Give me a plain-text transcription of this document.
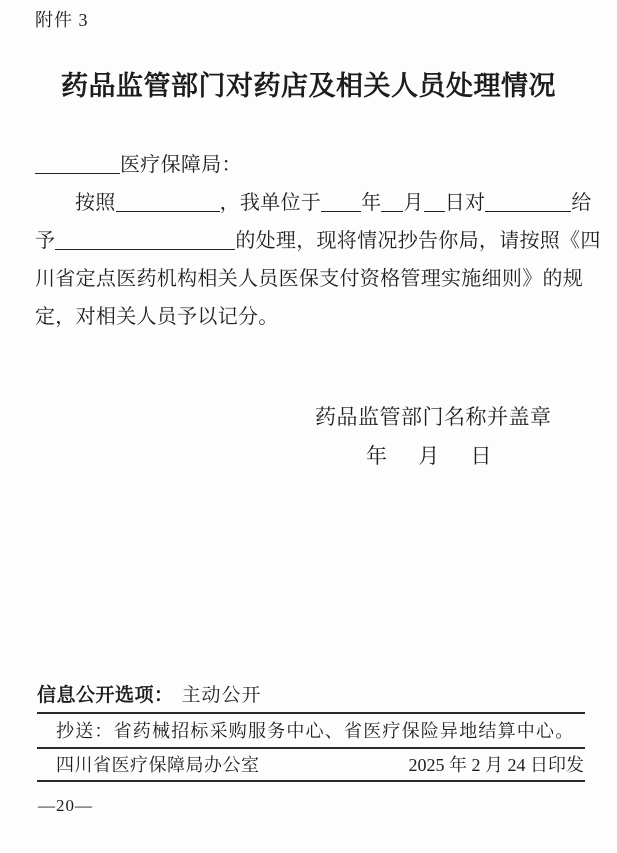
附件 3
药品监管部门对药店及相关人员处理情况
医疗保障局：
按照	，我单位于 年 月 日对	给
予	的处理，现将情况抄告你局，请按照《四
川省定点医药机构相关人员医保支付资格管理实施细则》的规
定，对相关人员予以记分。
药品监管部门名称并盖章
年 月 日
信息公开选项： 主动公开
抄送：省药械招标采购服务中心、省医疗保险异地结算中心。
四川省医疗保障局办公室	2025 年 2 月 24 日印发
—20—
